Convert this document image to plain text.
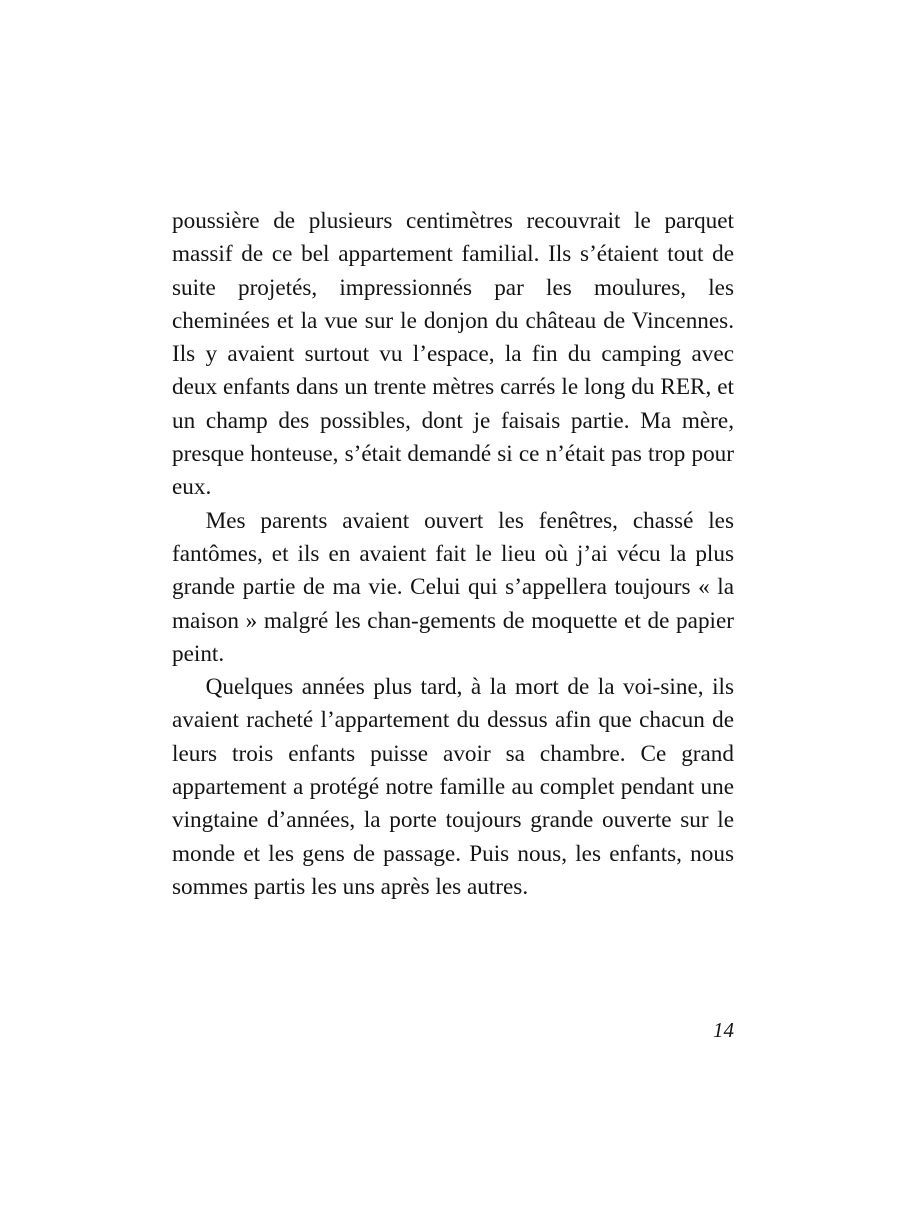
poussière de plusieurs centimètres recouvrait le parquet massif de ce bel appartement familial. Ils s’étaient tout de suite projetés, impressionnés par les moulures, les cheminées et la vue sur le donjon du château de Vincennes. Ils y avaient surtout vu l’espace, la fin du camping avec deux enfants dans un trente mètres carrés le long du RER, et un champ des possibles, dont je faisais partie. Ma mère, presque honteuse, s’était demandé si ce n’était pas trop pour eux.

Mes parents avaient ouvert les fenêtres, chassé les fantômes, et ils en avaient fait le lieu où j’ai vécu la plus grande partie de ma vie. Celui qui s’appellera toujours « la maison » malgré les chan-gements de moquette et de papier peint.

Quelques années plus tard, à la mort de la voi-sine, ils avaient racheté l’appartement du dessus afin que chacun de leurs trois enfants puisse avoir sa chambre. Ce grand appartement a protégé notre famille au complet pendant une vingtaine d’années, la porte toujours grande ouverte sur le monde et les gens de passage. Puis nous, les enfants, nous sommes partis les uns après les autres.

14
